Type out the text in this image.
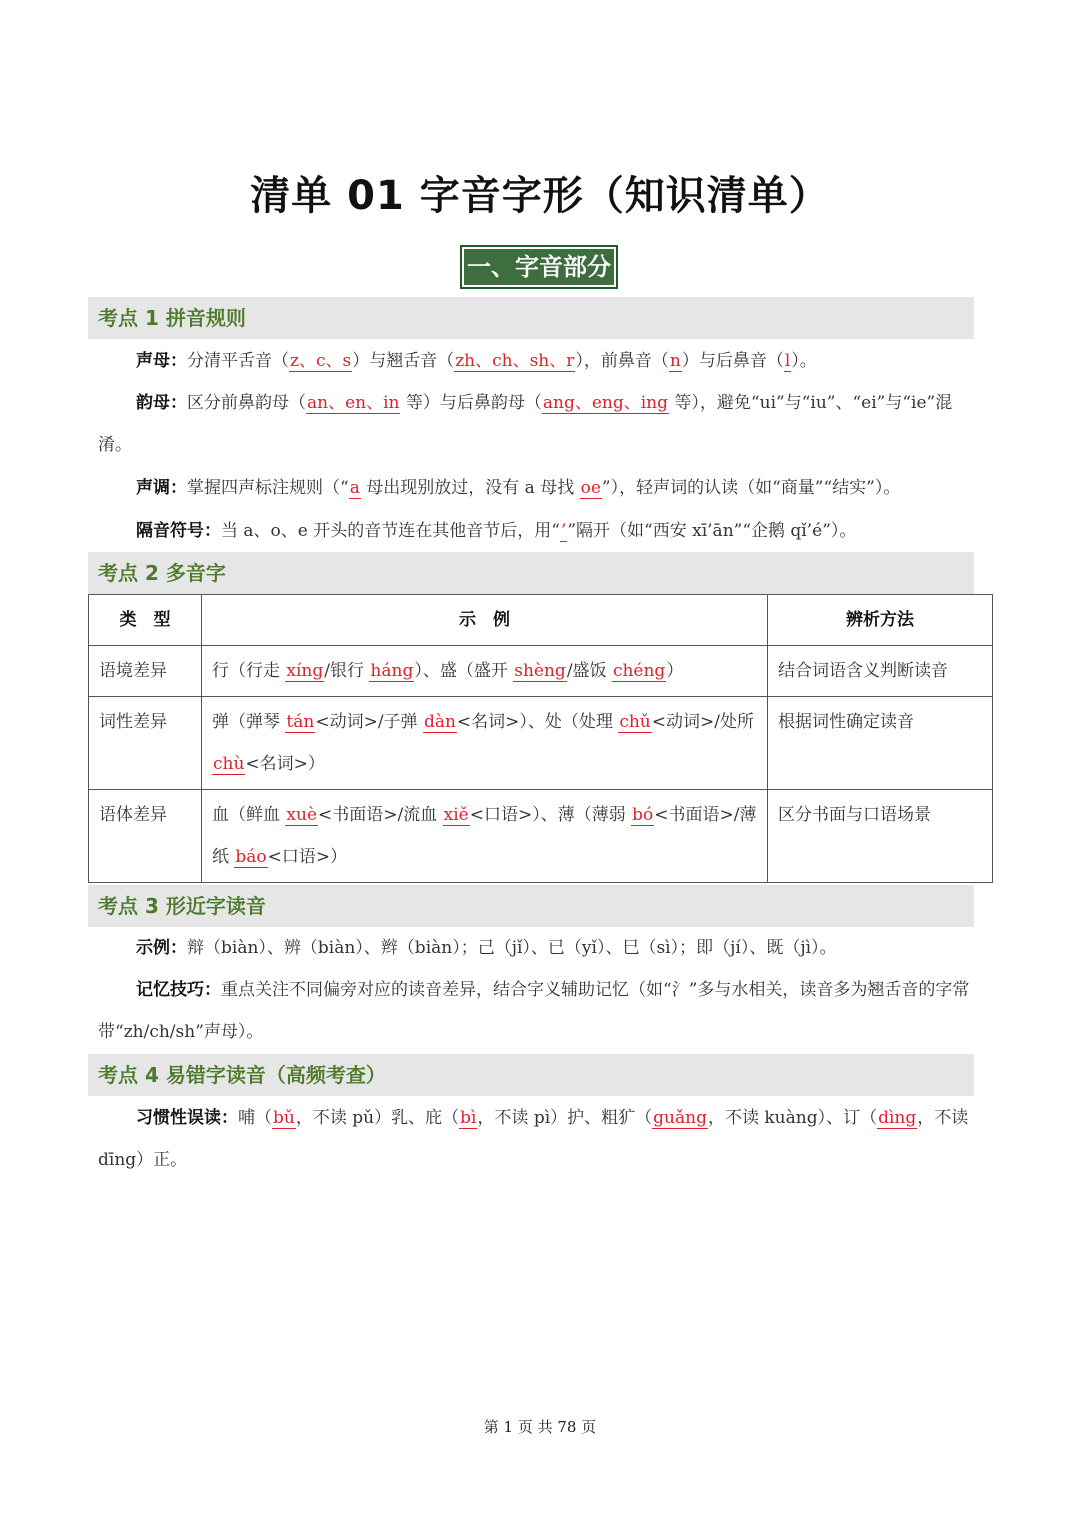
清单 01 字音字形（知识清单）
一、字音部分
考点 1 拼音规则
声母：分清平舌音（z、c、s）与翘舌音（zh、ch、sh、r），前鼻音（n）与后鼻音（l）。
韵母：区分前鼻韵母（an、en、in 等）与后鼻韵母（ang、eng、ing 等），避免“ui”与“iu”、“ei”与“ie”混淆。
声调：掌握四声标注规则（“a 母出现别放过，没有 a 母找 oe”），轻声词的认读（如“商量”“结实”）。
隔音符号：当 a、o、e 开头的音节连在其他音节后，用“’”隔开（如“西安 xī’ān”“企鹅 qǐ’é”）。
考点 2 多音字
类　型	示　例	辨析方法
语境差异	行（行走 xíng/银行 háng）、盛（盛开 shèng/盛饭 chéng）	结合词语含义判断读音
词性差异	弹（弹琴 tán<动词>/子弹 dàn<名词>）、处（处理 chǔ<动词>/处所 chù<名词>）	根据词性确定读音
语体差异	血（鲜血 xuè<书面语>/流血 xiě<口语>）、薄（薄弱 bó<书面语>/薄纸 báo<口语>）	区分书面与口语场景
考点 3 形近字读音
示例：辩（biàn）、辨（biàn）、辫（biàn）；己（jǐ）、已（yǐ）、巳（sì）；即（jí）、既（jì）。
记忆技巧：重点关注不同偏旁对应的读音差异，结合字义辅助记忆（如“氵”多与水相关，读音多为翘舌音的字常带“zh/ch/sh”声母）。
考点 4 易错字读音（高频考查）
习惯性误读：哺（bǔ，不读 pǔ）乳、庇（bì，不读 pì）护、粗犷（guǎng，不读 kuàng）、订（dìng，不读 dīng）正。
第 1 页 共 78 页
